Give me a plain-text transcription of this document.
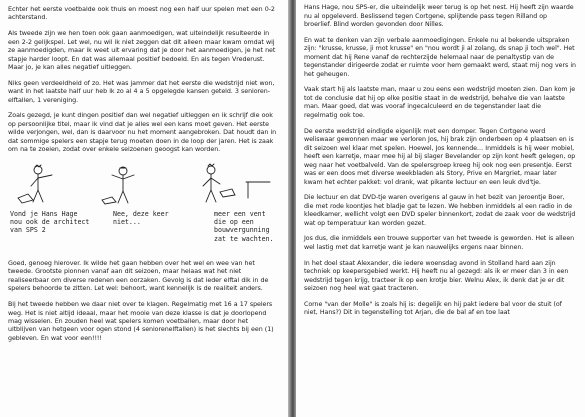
Echter het eerste voetbalde ook thuis en moest nog een half uur spelen met een 0-2 achterstand.

Als tweede zijn we hen toen ook gaan aanmoedigen, wat uiteindelijk resulteerde in een 2-2 gelijkspel. Let wel, nu wil ik niet zeggen dat dit alleen maar kwam omdat wij ze aanmoedigden, maar ik weet uit ervaring dat je door het aanmoedigen, je het net stapje harder loopt. En dat was allemaal positief bedoeld. En als tegen Vrederust. Maar jo, je kan alles negatief uitleggen.

Niks geen verdeeldheid of zo. Het was jammer dat het eerste die wedstrijd niet won, want in het laatste half uur heb ik zo al 4 a 5 opgelegde kansen geteld. 3 seniorenelftallen, 1 vereniging.

Zoals gezegd, je kunt dingen positief dan wel negatief uitleggen en ik schrijf die ook op persoonlijke titel, maar ik vind dat je alles wel een kans moet geven. Het eerste wilde verjongen, wel, dan is daarvoor nu het moment aangebroken. Dat houdt dan in dat sommige spelers een stapje terug moeten doen in de loop der jaren. Het is zaak om na te zoeien, zodat over enkele seizoenen geoogst kan worden.

Vond je Hans Hage
nou ook de architect
van SPS 2
Nee, deze keer
niet...
meer een vent
die op een
bouwvergunning
zat te wachten.

Goed, genoeg hierover. Ik wilde het gaan hebben over het wel en wee van het tweede. Grootste pionnen vanaf aan dit seizoen, maar helaas wat het niet realiseerbaar om diverse redenen een oorzaken. Gevolg is dat ieder elftal dik in de spelers behoorde te zitten. Let wel: behoort, want kennelijk is de realiteit anders.

Bij het tweede hebben we daar niet over te klagen. Regelmatig met 16 a 17 spelers weg. Het is niet altijd ideaal, maar het mooie van deze klasse is dat je doorlopend mag wisselen. En zouden heel wat spelers komen voetballen, maar door het uitblijven van hetgeen voor ogen stond (4 seniorenelftallen) is het slechts bij een (1) gebleven. En wat voor een!!!!

Hans Hage, nou SPS-er, die uiteindelijk weer terug is op het nest. Hij heeft zijn waarde nu al opgeleverd. Beslissend tegen Cortgene, splijtende pass tegen Rilland op broerlief. Blind worden gevonden door Nilles.

En wat te denken van zijn verbale aanmoedigingen. Enkele nu al bekende uitspraken zijn: "krusse, krusse, ji mot krusse" en "nou wordt ji al zolang, ds snap ji toch wel". Het moment dat hij Rene vanaf de rechterzijde helemaal naar de penaltystip van de tegenstander dirigeerde zodat er ruimte voor hem gemaakt werd, staat mij nog vers in het geheugen.

Vaak start hij als laatste man, maar u zou eens een wedstrijd moeten zien. Dan kom je tot de conclusie dat hij op elke positie staat in de wedstrijd, behalve die van laatste man. Maar goed, dat was vooraf ingecalculeerd en de tegenstander laat die regelmatig ook toe.

De eerste wedstrijd eindigde eigenlijk met een domper. Tegen Cortgene werd weliswaar gewonnen maar we verloren Jos, hij brak zijn onderbeen op 4 plaatsen en is dit seizoen wel klaar met spelen. Hoewel, Jos kennende… Inmiddels is hij weer mobiel, heeft een karretje, maar mee hij al bij slager Bevelander op zijn kont heeft gelegen, op weg naar het voetbalveld. Van de spelersgroep kreeg hij ook nog een presentje. Eerst was er een doos met diverse weekbladen als Story, Prive en Margriet, maar later kwam het echter pakket: vol drank, wat pikante lectuur en een leuk dvd'tje.

Die lectuur en dat DVD-tje waren overigens al gauw in het bezit van Jeroentje Boer, die met rode koontjes het bladje gat te lezen. We hebben inmiddels al een radio in de kleedkamer, wellicht volgt een DVD speler binnenkort, zodat de zaak voor de wedstrijd wat op temperatuur kan worden gezet.

Jos dus, die inmiddels een trouwe supporter van het tweede is geworden. Het is alleen wel lastig met dat karretje want je kan nauwelijks ergens naar binnen.

In het doel staat Alexander, die iedere woensdag avond in Stolland hard aan zijn techniek op keepersgebied werkt. Hij heeft nu al gezegd: als ik er meer dan 3 in een wedstrijd tegen krijg, tracteer ik op een krotje bier. Welnu Alex, ik denk dat je er dit seizoen nog heel wat gaat tracteren.

Corne "van der Molle" is zoals hij is: degelijk en hij pakt iedere bal voor de stuit (of niet, Hans?) Dit in tegenstelling tot Arjan, die de bal af en toe laat
